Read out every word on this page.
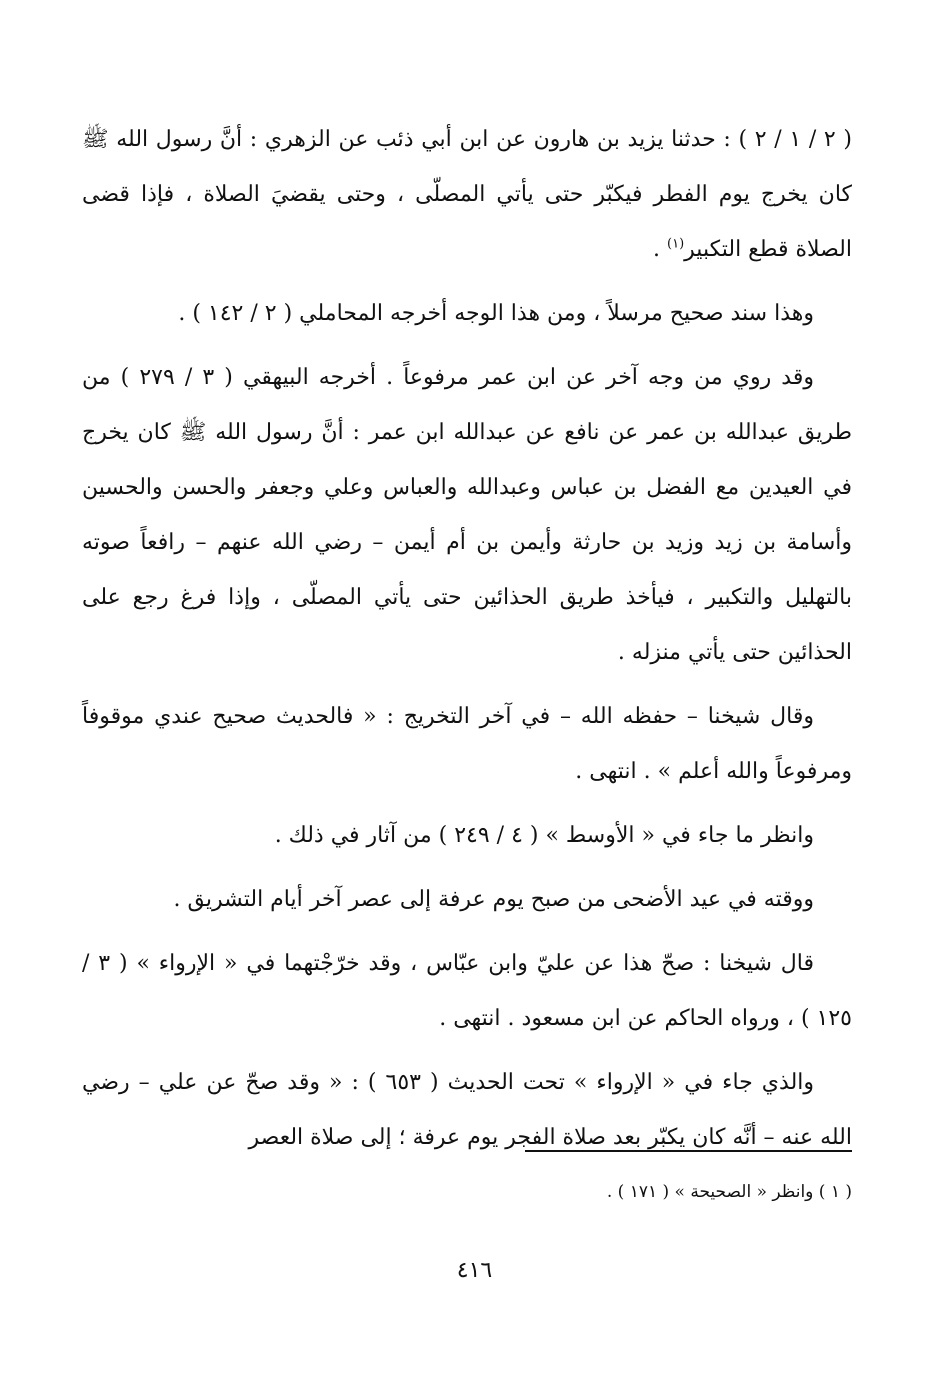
( ٢ / ١ / ٢ ) : حدثنا يزيد بن هارون عن ابن أبي ذئب عن الزهري : أنَّ رسول الله ﷺ كان يخرج يوم الفطر فيكبّر حتى يأتي المصلّى ، وحتى يقضيَ الصلاة ، فإذا قضى الصلاة قطع التكبير$^{(١)}$ .

وهذا سند صحيح مرسلاً ، ومن هذا الوجه أخرجه المحاملي ( ٢ / ١٤٢ ) .

وقد روي من وجه آخر عن ابن عمر مرفوعاً . أخرجه البيهقي ( ٣ / ٢٧٩ ) من طريق عبدالله بن عمر عن نافع عن عبدالله ابن عمر : أنَّ رسول الله ﷺ كان يخرج في العيدين مع الفضل بن عباس وعبدالله والعباس وعلي وجعفر والحسن والحسين وأسامة بن زيد وزيد بن حارثة وأيمن بن أم أيمن – رضي الله عنهم – رافعاً صوته بالتهليل والتكبير ، فيأخذ طريق الحذائين حتى يأتي المصلّى ، وإذا فرغ رجع على الحذائين حتى يأتي منزله .

وقال شيخنا – حفظه الله – في آخر التخريج : « فالحديث صحيح عندي موقوفاً ومرفوعاً والله أعلم » . انتهى .

وانظر ما جاء في « الأوسط » ( ٤ / ٢٤٩ ) من آثار في ذلك .

ووقته في عيد الأضحى من صبح يوم عرفة إلى عصر آخر أيام التشريق .

قال شيخنا : صحّ هذا عن عليّ وابن عبّاس ، وقد خرّجْتهما في « الإرواء » ( ٣ / ١٢٥ ) ، ورواه الحاكم عن ابن مسعود . انتهى .

والذي جاء في « الإرواء » تحت الحديث ( ٦٥٣ ) : « وقد صحّ عن علي – رضي الله عنه – أنَّه كان يكبّر بعد صلاة الفجر يوم عرفة ؛ إلى صلاة العصر

( ١ ) وانظر « الصحيحة » ( ١٧١ ) .
٤١٦
